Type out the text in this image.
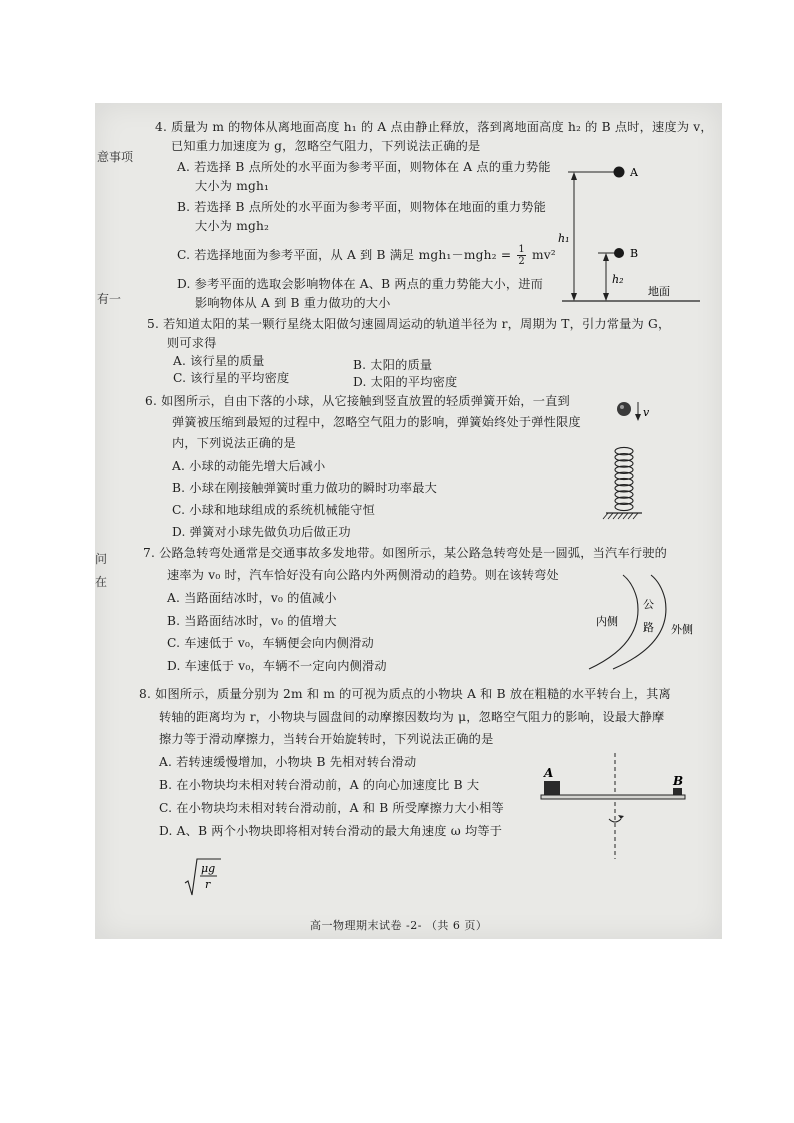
意事项
有一
问
在
4. 质量为 m 的物体从离地面高度 h₁ 的 A 点由静止释放，落到离地面高度 h₂ 的 B 点时，速度为 v，
已知重力加速度为 g，忽略空气阻力，下列说法正确的是
A. 若选择 B 点所处的水平面为参考平面，则物体在 A 点的重力势能
大小为 mgh₁
B. 若选择 B 点所处的水平面为参考平面，则物体在地面的重力势能
大小为 mgh₂
C. 若选择地面为参考平面，从 A 到 B 满足 $mgh_1-mgh_2 = \frac{1}{2} mv^2$
D. 参考平面的选取会影响物体在 A、B 两点的重力势能大小，进而
影响物体从 A 到 B 重力做功的大小
A
h₁
B
h₂
地面
5. 若知道太阳的某一颗行星绕太阳做匀速圆周运动的轨道半径为 r，周期为 T，引力常量为 G，
则可求得
A. 该行星的质量	B. 太阳的质量
C. 该行星的平均密度	D. 太阳的平均密度
6. 如图所示，自由下落的小球，从它接触到竖直放置的轻质弹簧开始，一直到
弹簧被压缩到最短的过程中，忽略空气阻力的影响，弹簧始终处于弹性限度
内，下列说法正确的是
A. 小球的动能先增大后减小
B. 小球在刚接触弹簧时重力做功的瞬时功率最大
C. 小球和地球组成的系统机械能守恒
D. 弹簧对小球先做负功后做正功
v
7. 公路急转弯处通常是交通事故多发地带。如图所示，某公路急转弯处是一圆弧，当汽车行驶的
速率为 v₀ 时，汽车恰好没有向公路内外两侧滑动的趋势。则在该转弯处
A. 当路面结冰时，v₀ 的值减小
B. 当路面结冰时，v₀ 的值增大
C. 车速低于 v₀，车辆便会向内侧滑动
D. 车速低于 v₀，车辆不一定向内侧滑动
内侧
公
路 外侧
8. 如图所示，质量分别为 2m 和 m 的可视为质点的小物块 A 和 B 放在粗糙的水平转台上，其离
转轴的距离均为 r，小物块与圆盘间的动摩擦因数均为 μ，忽略空气阻力的影响，设最大静摩
擦力等于滑动摩擦力，当转台开始旋转时，下列说法正确的是
A. 若转速缓慢增加，小物块 B 先相对转台滑动
B. 在小物块均未相对转台滑动前，A 的向心加速度比 B 大
C. 在小物块均未相对转台滑动前，A 和 B 所受摩擦力大小相等
D. A、B 两个小物块即将相对转台滑动的最大角速度 ω 均等于
μg
r
A
B
高一物理期末试卷 -2- （共 6 页）
